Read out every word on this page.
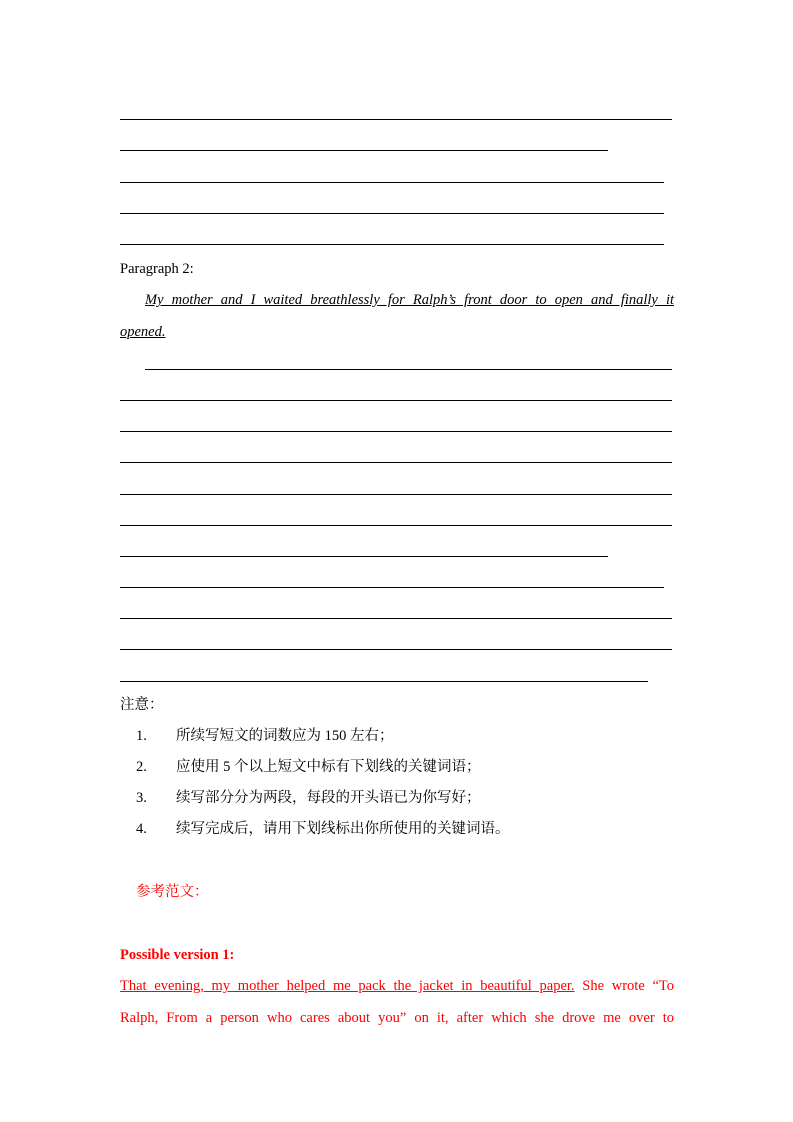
Paragraph 2:
My mother and I waited breathlessly for Ralph’s front door to open and finally it
opened.
注意：
1. 所续写短文的词数应为 150 左右；
2. 应使用 5 个以上短文中标有下划线的关键词语；
3. 续写部分分为两段，每段的开头语已为你写好；
4. 续写完成后，请用下划线标出你所使用的关键词语。
参考范文：
Possible version 1:
That evening, my mother helped me pack the jacket in beautiful paper. She wrote “To
Ralph, From a person who cares about you” on it, after which she drove me over to
